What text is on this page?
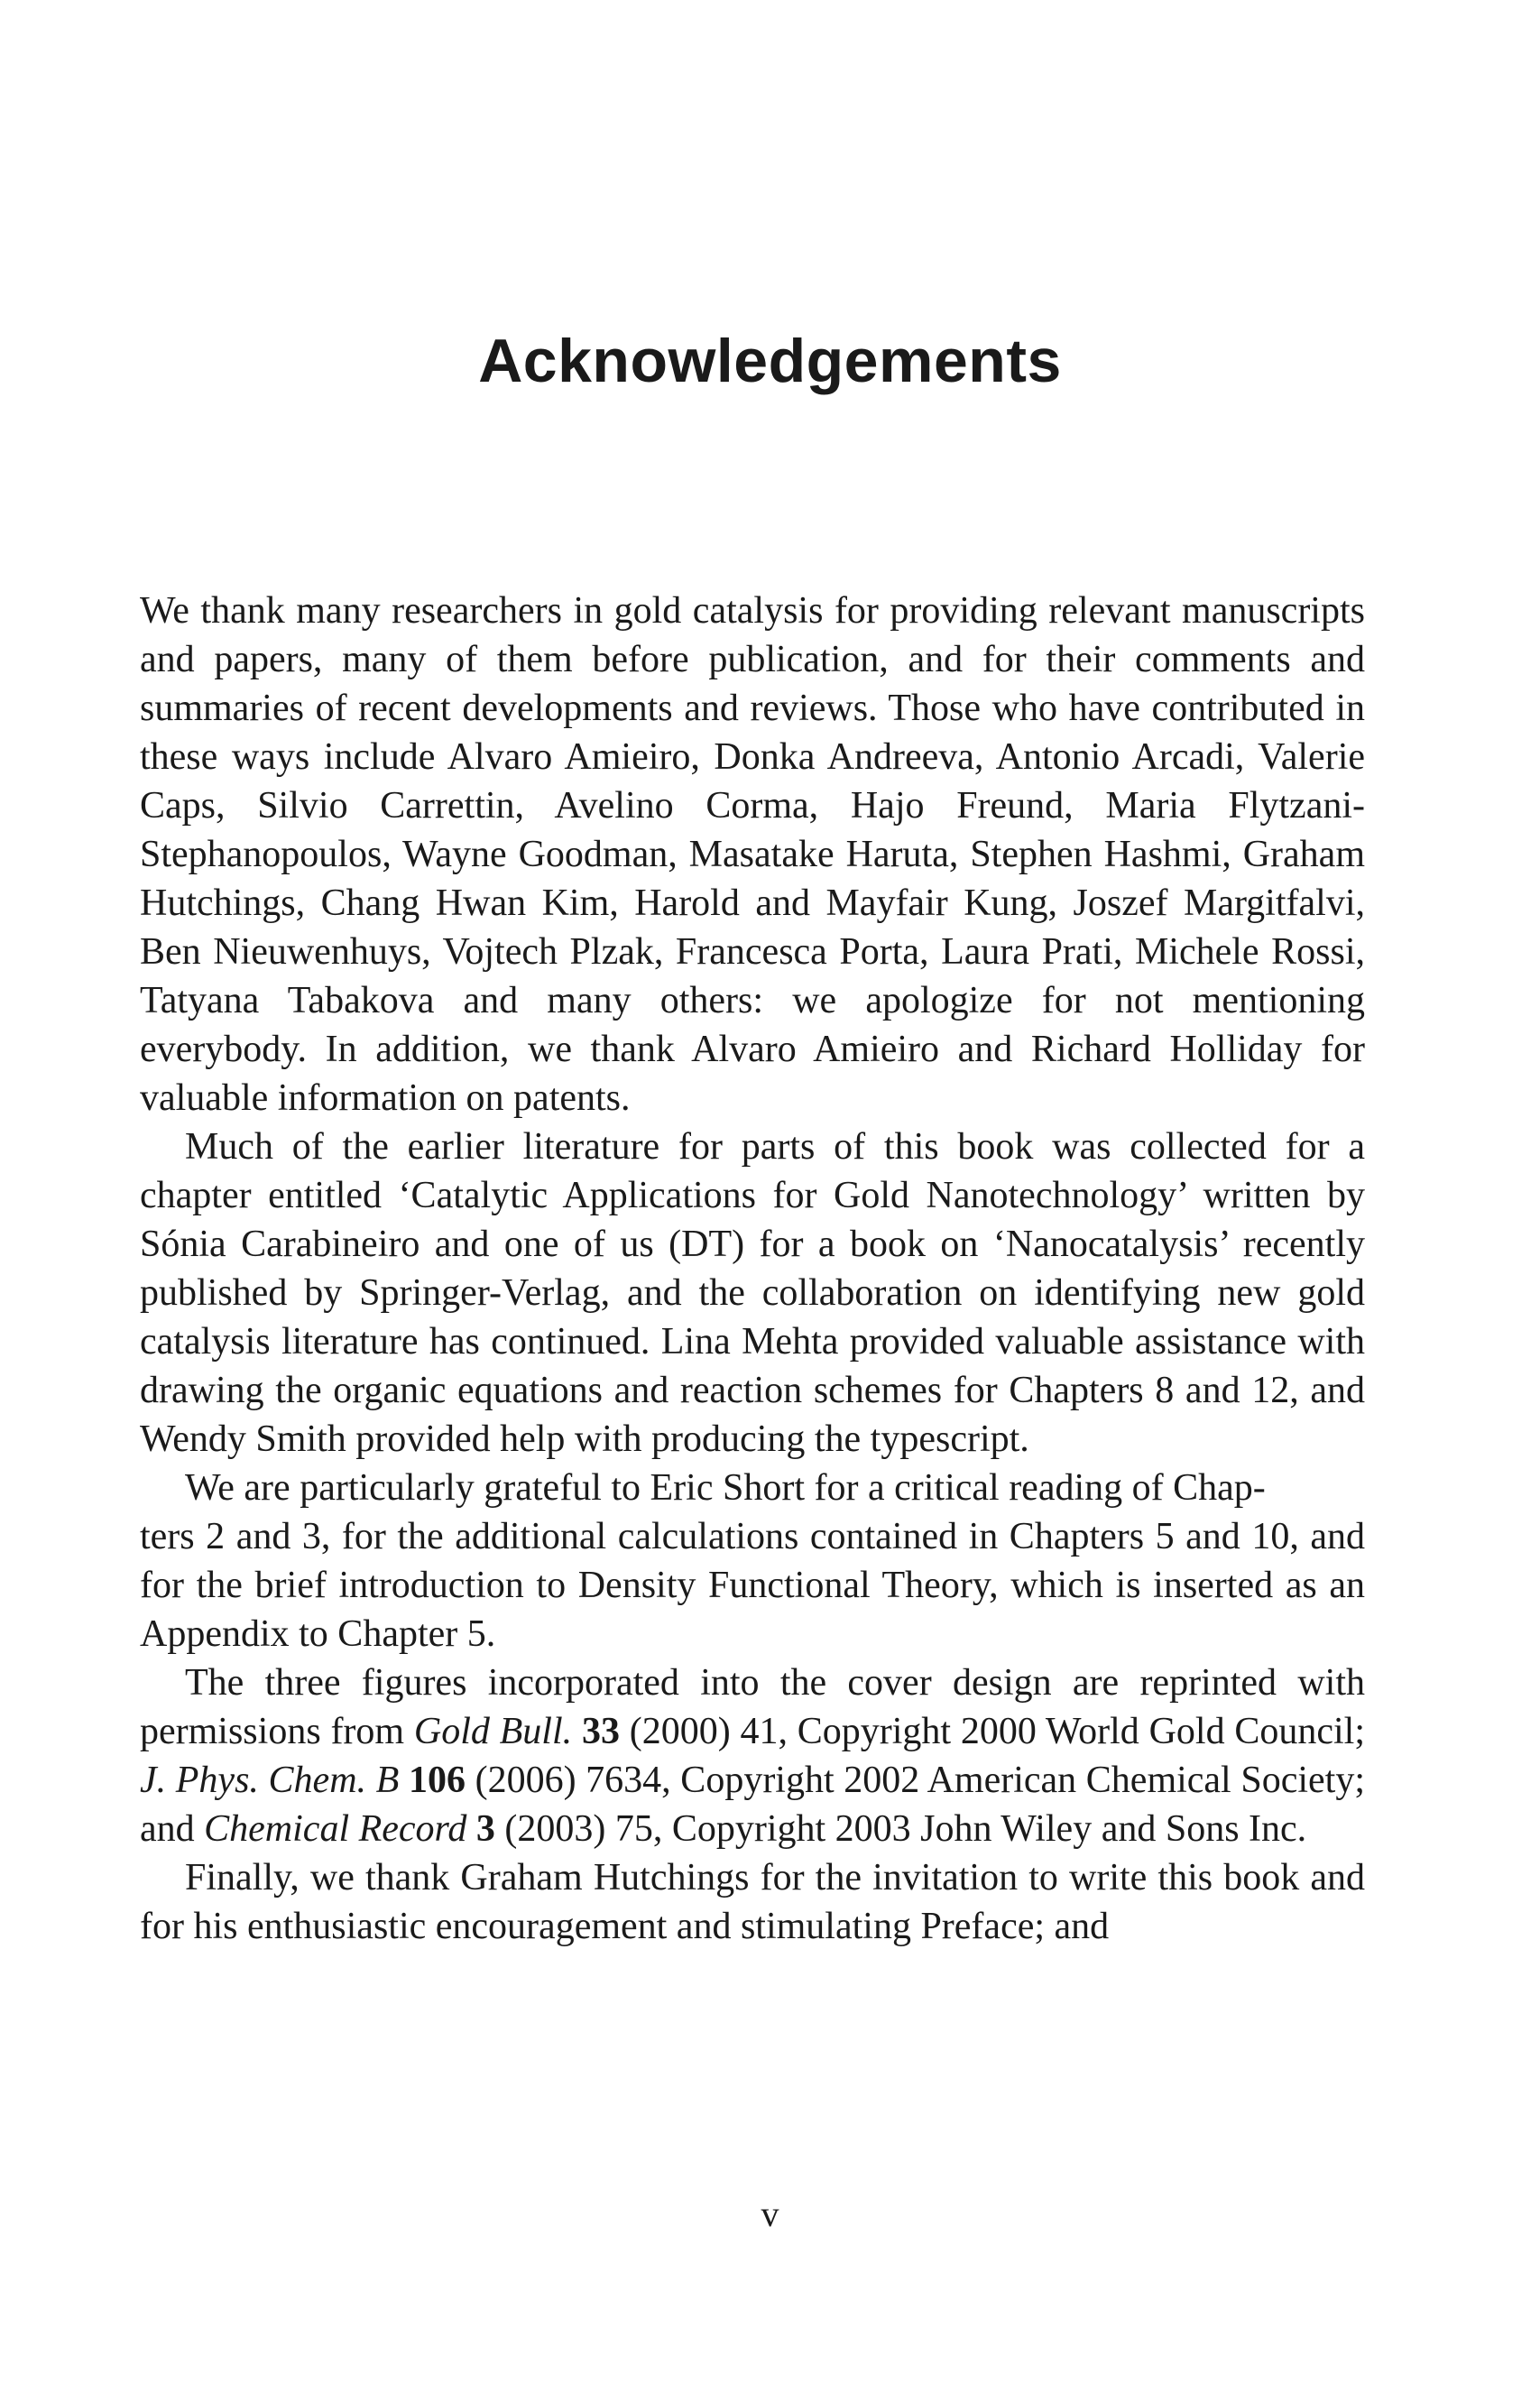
Acknowledgements

We thank many researchers in gold catalysis for providing relevant manuscripts and papers, many of them before publication, and for their comments and summaries of recent developments and reviews. Those who have contributed in these ways include Alvaro Amieiro, Donka Andreeva, Antonio Arcadi, Valerie Caps, Silvio Carrettin, Avelino Corma, Hajo Freund, Maria Flytzani-Stephanopoulos, Wayne Goodman, Masatake Haruta, Stephen Hashmi, Graham Hutchings, Chang Hwan Kim, Harold and Mayfair Kung, Joszef Margitfalvi, Ben Nieuwenhuys, Vojtech Plzak, Francesca Porta, Laura Prati, Michele Rossi, Tatyana Tabakova and many others: we apologize for not mentioning everybody. In addition, we thank Alvaro Amieiro and Richard Holliday for valuable information on patents.

Much of the earlier literature for parts of this book was collected for a chapter entitled ‘Catalytic Applications for Gold Nanotechnology’ written by Sónia Carabineiro and one of us (DT) for a book on ‘Nanocatalysis’ recently published by Springer-Verlag, and the collaboration on identifying new gold catalysis literature has continued. Lina Mehta provided valuable assistance with drawing the organic equations and reaction schemes for Chapters 8 and 12, and Wendy Smith provided help with producing the typescript.

We are particularly grateful to Eric Short for a critical reading of Chap-
ters 2 and 3, for the additional calculations contained in Chapters 5 and 10, and for the brief introduction to Density Functional Theory, which is inserted as an Appendix to Chapter 5.

The three figures incorporated into the cover design are reprinted with permissions from Gold Bull. 33 (2000) 41, Copyright 2000 World Gold Council; J. Phys. Chem. B 106 (2006) 7634, Copyright 2002 American Chemical Society; and Chemical Record 3 (2003) 75, Copyright 2003 John Wiley and Sons Inc.

Finally, we thank Graham Hutchings for the invitation to write this book and for his enthusiastic encouragement and stimulating Preface; and

v
